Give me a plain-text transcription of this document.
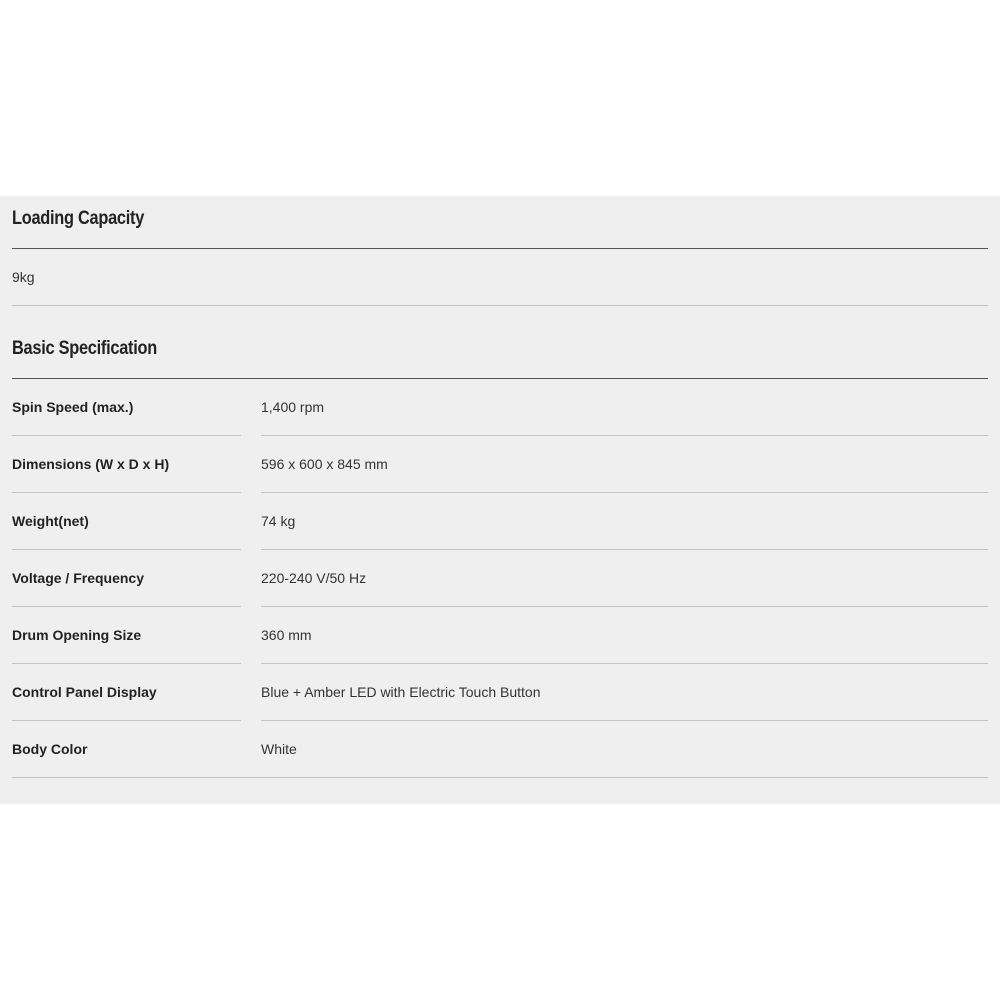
Loading Capacity
9kg
Basic Specification
Spin Speed (max.)	1,400 rpm
Dimensions (W x D x H)	596 x 600 x 845 mm
Weight(net)	74 kg
Voltage / Frequency	220-240 V/50 Hz
Drum Opening Size	360 mm
Control Panel Display	Blue + Amber LED with Electric Touch Button
Body Color	White
